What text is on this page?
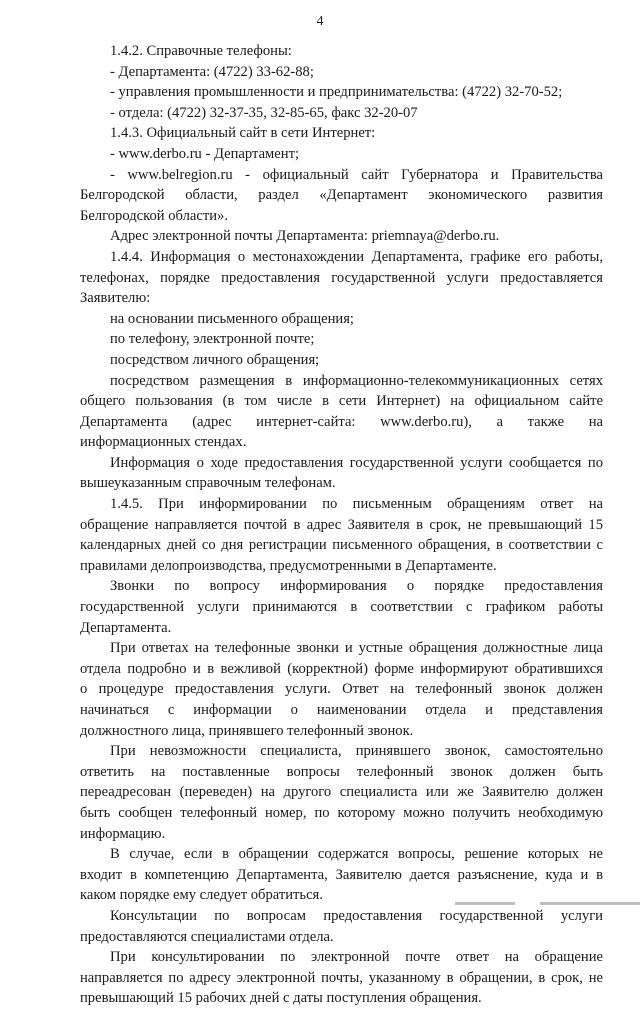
4
1.4.2. Справочные телефоны:
- Департамента: (4722) 33-62-88;
- управления промышленности и предпринимательства: (4722) 32-70-52;
- отдела: (4722) 32-37-35, 32-85-65, факс 32-20-07
1.4.3. Официальный сайт в сети Интернет:
- www.derbo.ru - Департамент;
- www.belregion.ru - официальный сайт Губернатора и Правительства
Белгородской области, раздел «Департамент экономического развития
Белгородской области».
Адрес электронной почты Департамента: priemnaya@derbo.ru.
1.4.4. Информация о местонахождении Департамента, графике его работы,
телефонах, порядке предоставления государственной услуги предоставляется
Заявителю:
на основании письменного обращения;
по телефону, электронной почте;
посредством личного обращения;
посредством размещения в информационно-телекоммуникационных сетях
общего пользования (в том числе в сети Интернет) на официальном сайте
Департамента (адрес интернет-сайта: www.derbo.ru), а также на
информационных стендах.
Информация о ходе предоставления государственной услуги сообщается по
вышеуказанным справочным телефонам.
1.4.5. При информировании по письменным обращениям ответ на
обращение направляется почтой в адрес Заявителя в срок, не превышающий 15
календарных дней со дня регистрации письменного обращения, в соответствии с
правилами делопроизводства, предусмотренными в Департаменте.
Звонки по вопросу информирования о порядке предоставления
государственной услуги принимаются в соответствии с графиком работы
Департамента.
При ответах на телефонные звонки и устные обращения должностные лица
отдела подробно и в вежливой (корректной) форме информируют обратившихся
о процедуре предоставления услуги. Ответ на телефонный звонок должен
начинаться с информации о наименовании отдела и представления
должностного лица, принявшего телефонный звонок.
При невозможности специалиста, принявшего звонок, самостоятельно
ответить на поставленные вопросы телефонный звонок должен быть
переадресован (переведен) на другого специалиста или же Заявителю должен
быть сообщен телефонный номер, по которому можно получить необходимую
информацию.
В случае, если в обращении содержатся вопросы, решение которых не
входит в компетенцию Департамента, Заявителю дается разъяснение, куда и в
каком порядке ему следует обратиться.
Консультации по вопросам предоставления государственной услуги
предоставляются специалистами отдела.
При консультировании по электронной почте ответ на обращение
направляется по адресу электронной почты, указанному в обращении, в срок, не
превышающий 15 рабочих дней с даты поступления обращения.
